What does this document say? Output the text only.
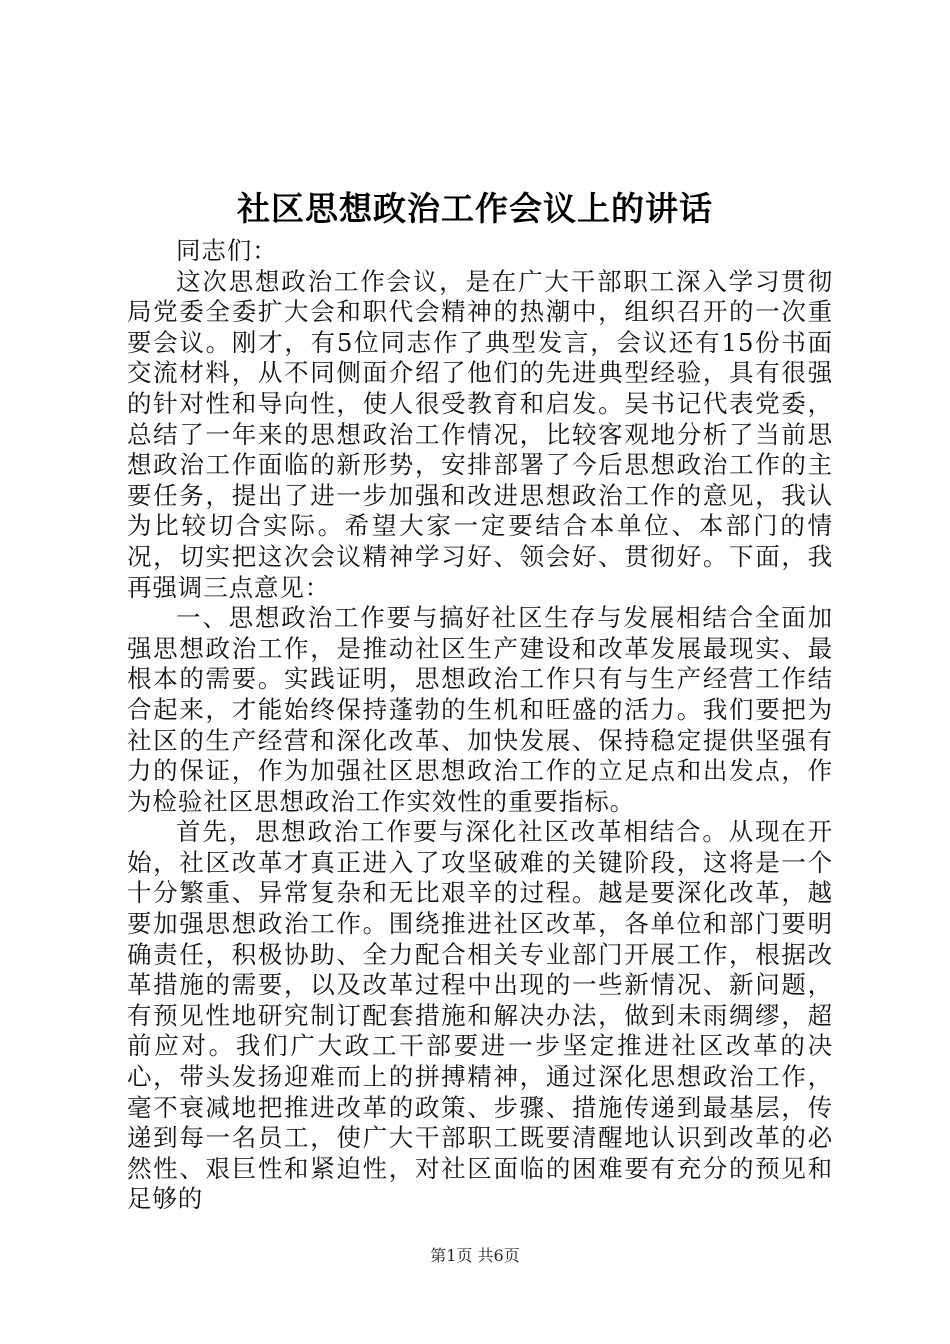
社区思想政治工作会议上的讲话

同志们：

这次思想政治工作会议，是在广大干部职工深入学习贯彻局党委全委扩大会和职代会精神的热潮中，组织召开的一次重要会议。刚才，有5位同志作了典型发言，会议还有15份书面交流材料，从不同侧面介绍了他们的先进典型经验，具有很强的针对性和导向性，使人很受教育和启发。吴书记代表党委，总结了一年来的思想政治工作情况，比较客观地分析了当前思想政治工作面临的新形势，安排部署了今后思想政治工作的主要任务，提出了进一步加强和改进思想政治工作的意见，我认为比较切合实际。希望大家一定要结合本单位、本部门的情况，切实把这次会议精神学习好、领会好、贯彻好。下面，我再强调三点意见：

一、思想政治工作要与搞好社区生存与发展相结合全面加强思想政治工作，是推动社区生产建设和改革发展最现实、最根本的需要。实践证明，思想政治工作只有与生产经营工作结合起来，才能始终保持蓬勃的生机和旺盛的活力。我们要把为社区的生产经营和深化改革、加快发展、保持稳定提供坚强有力的保证，作为加强社区思想政治工作的立足点和出发点，作为检验社区思想政治工作实效性的重要指标。

首先，思想政治工作要与深化社区改革相结合。从现在开始，社区改革才真正进入了攻坚破难的关键阶段，这将是一个十分繁重、异常复杂和无比艰辛的过程。越是要深化改革，越要加强思想政治工作。围绕推进社区改革，各单位和部门要明确责任，积极协助、全力配合相关专业部门开展工作，根据改革措施的需要，以及改革过程中出现的一些新情况、新问题，有预见性地研究制订配套措施和解决办法，做到未雨绸缪，超前应对。我们广大政工干部要进一步坚定推进社区改革的决心，带头发扬迎难而上的拼搏精神，通过深化思想政治工作，毫不衰减地把推进改革的政策、步骤、措施传递到最基层，传递到每一名员工，使广大干部职工既要清醒地认识到改革的必然性、艰巨性和紧迫性，对社区面临的困难要有充分的预见和足够的

第1页 共6页
